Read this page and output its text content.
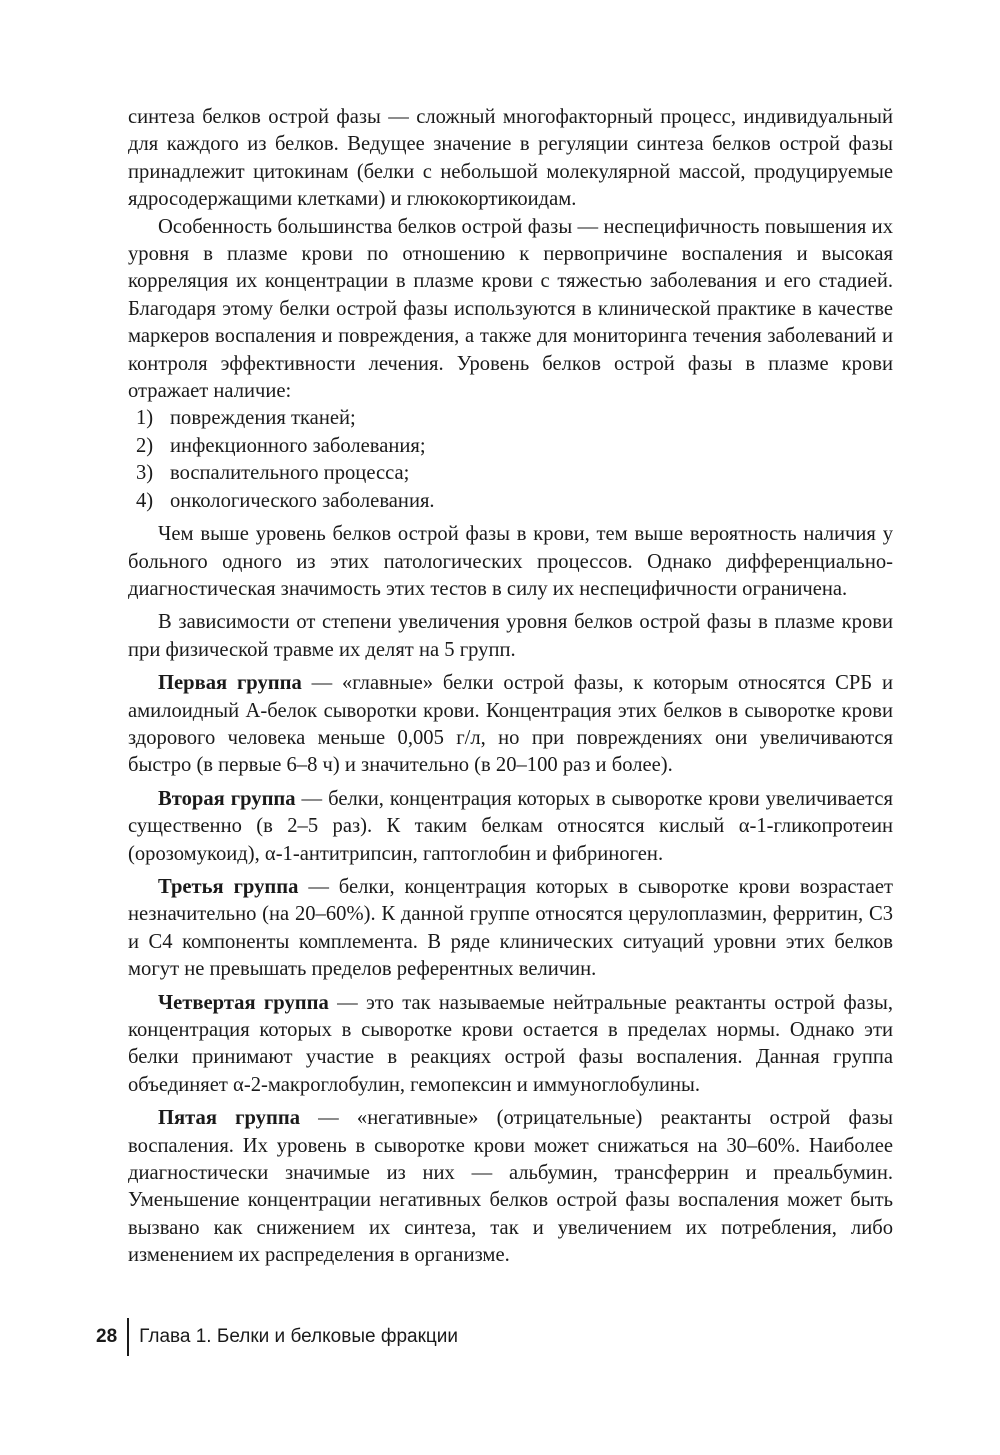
синтеза белков острой фазы — сложный многофакторный процесс, индивидуальный для каждого из белков. Ведущее значение в регуляции синтеза белков острой фазы принадлежит цитокинам (белки с небольшой молекулярной массой, продуцируемые ядросодержащими клетками) и глюкокортикоидам.

Особенность большинства белков острой фазы — неспецифичность повышения их уровня в плазме крови по отношению к первопричине воспаления и высокая корреляция их концентрации в плазме крови с тяжестью заболевания и его стадией. Благодаря этому белки острой фазы используются в клинической практике в качестве маркеров воспаления и повреждения, а также для мониторинга течения заболеваний и контроля эффективности лечения. Уровень белков острой фазы в плазме крови отражает наличие:

1) повреждения тканей;
2) инфекционного заболевания;
3) воспалительного процесса;
4) онкологического заболевания.

Чем выше уровень белков острой фазы в крови, тем выше вероятность наличия у больного одного из этих патологических процессов. Однако дифференциально-диагностическая значимость этих тестов в силу их неспецифичности ограничена.

В зависимости от степени увеличения уровня белков острой фазы в плазме крови при физической травме их делят на 5 групп.

Первая группа — «главные» белки острой фазы, к которым относятся СРБ и амилоидный А-белок сыворотки крови. Концентрация этих белков в сыворотке крови здорового человека меньше 0,005 г/л, но при повреждениях они увеличиваются быстро (в первые 6–8 ч) и значительно (в 20–100 раз и более).

Вторая группа — белки, концентрация которых в сыворотке крови увеличивается существенно (в 2–5 раз). К таким белкам относятся кислый α-1-гликопротеин (орозомукоид), α-1-антитрипсин, гаптоглобин и фибриноген.

Третья группа — белки, концентрация которых в сыворотке крови возрастает незначительно (на 20–60%). К данной группе относятся церулоплазмин, ферритин, C3 и C4 компоненты комплемента. В ряде клинических ситуаций уровни этих белков могут не превышать пределов референтных величин.

Четвертая группа — это так называемые нейтральные реактанты острой фазы, концентрация которых в сыворотке крови остается в пределах нормы. Однако эти белки принимают участие в реакциях острой фазы воспаления. Данная группа объединяет α-2-макроглобулин, гемопексин и иммуноглобулины.

Пятая группа — «негативные» (отрицательные) реактанты острой фазы воспаления. Их уровень в сыворотке крови может снижаться на 30–60%. Наиболее диагностически значимые из них — альбумин, трансферрин и преальбумин. Уменьшение концентрации негативных белков острой фазы воспаления может быть вызвано как снижением их синтеза, так и увеличением их потребления, либо изменением их распределения в организме.

28 Глава 1. Белки и белковые фракции
